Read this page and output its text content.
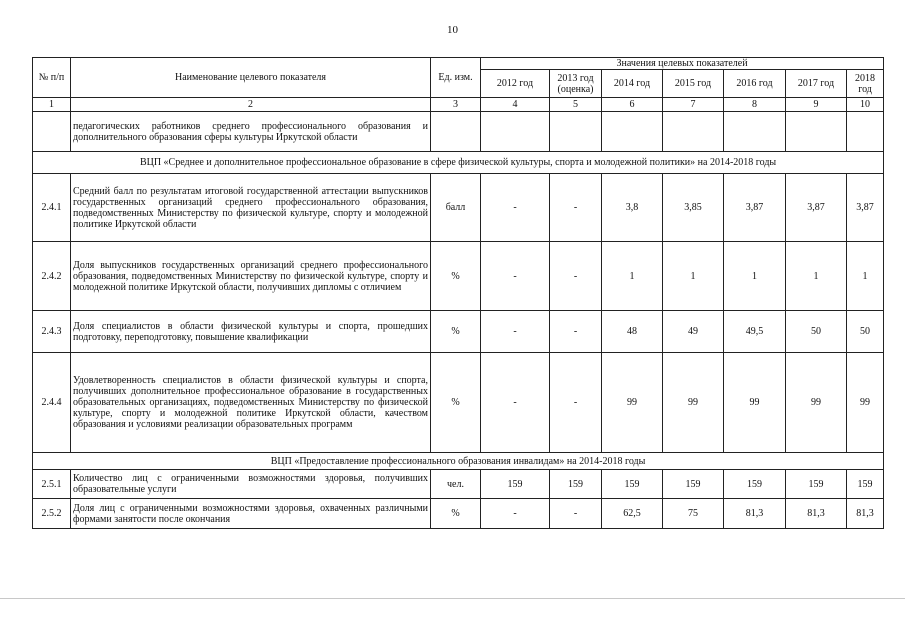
10
№ п/п	Наименование целевого показателя	Ед. изм.	Значения целевых показателей						
			2012 год	2013 год (оценка)	2014 год	2015 год	2016 год	2017 год	2018 год
1	2	3	4	5	6	7	8	9	10
	педагогических работников среднего профессионального образования и дополнительного образования сферы культуры Иркутской области								
ВЦП «Среднее и дополнительное профессиональное образование в сфере физической культуры, спорта и молодежной политики» на 2014-2018 годы									
2.4.1	Средний балл по результатам итоговой государственной аттестации выпускников государственных организаций среднего профессионального образования, подведомственных Министерству по физической культуре, спорту и молодежной политике Иркутской области	балл	-	-	3,8	3,85	3,87	3,87	3,87
2.4.2	Доля выпускников государственных организаций среднего профессионального образования, подведомственных Министерству по физической культуре, спорту и молодежной политике Иркутской области, получивших дипломы с отличием	%	-	-	1	1	1	1	1
2.4.3	Доля специалистов в области физической культуры и спорта, прошедших подготовку, переподготовку, повышение квалификации	%	-	-	48	49	49,5	50	50
2.4.4	Удовлетворенность специалистов в области физической культуры и спорта, получивших дополнительное профессиональное образование в государственных образовательных организациях, подведомственных Министерству по физической культуре, спорту и молодежной политике Иркутской области, качеством образования и условиями реализации образовательных программ	%	-	-	99	99	99	99	99
ВЦП «Предоставление профессионального образования инвалидам» на 2014-2018 годы									
2.5.1	Количество лиц с ограниченными возможностями здоровья, получивших образовательные услуги	чел.	159	159	159	159	159	159	159
2.5.2	Доля лиц с ограниченными возможностями здоровья, охваченных различными формами занятости после окончания	%	-	-	62,5	75	81,3	81,3	81,3
